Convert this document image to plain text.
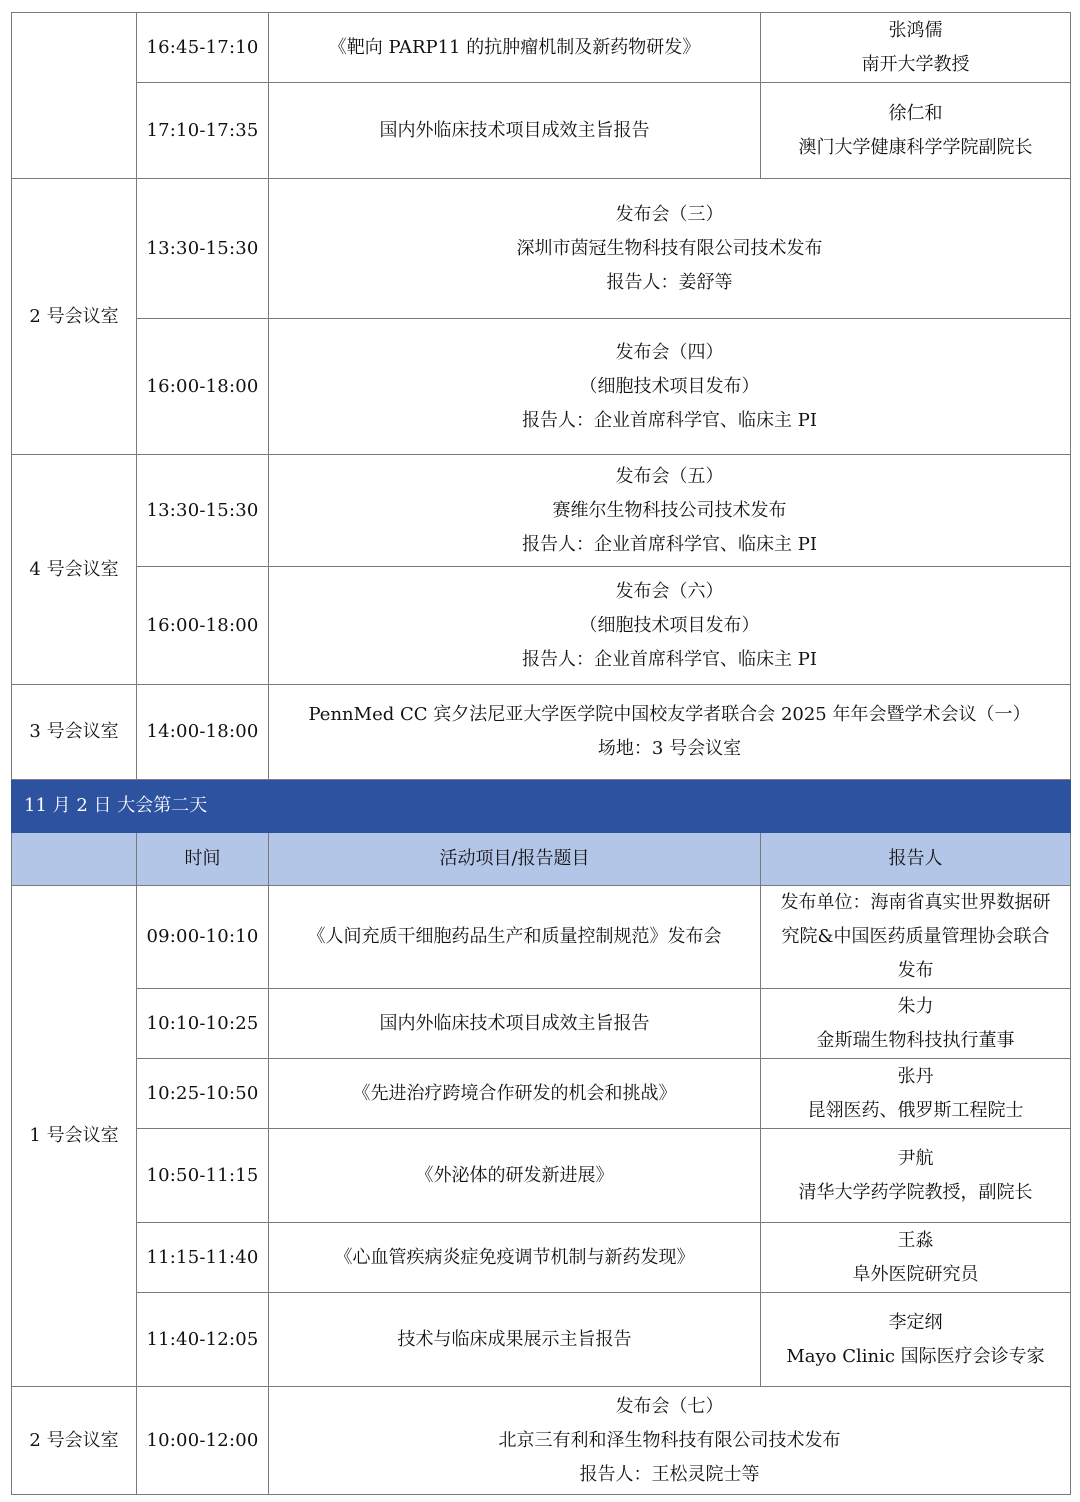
	16:45-17:10	《靶向 PARP11 的抗肿瘤机制及新药物研发》	张鸿儒
南开大学教授

	17:10-17:35	国内外临床技术项目成效主旨报告	徐仁和
澳门大学健康科学学院副院长

2 号会议室	13:30-15:30	发布会（三）
深圳市茵冠生物科技有限公司技术发布
报告人：姜舒等	

	16:00-18:00	发布会（四）
（细胞技术项目发布）
报告人：企业首席科学官、临床主 PI	

4 号会议室	13:30-15:30	发布会（五）
赛维尔生物科技公司技术发布
报告人：企业首席科学官、临床主 PI	

	16:00-18:00	发布会（六）
（细胞技术项目发布）
报告人：企业首席科学官、临床主 PI	

3 号会议室	14:00-18:00	PennMed CC 宾夕法尼亚大学医学院中国校友学者联合会 2025 年年会暨学术会议（一）
场地：3 号会议室	

11 月 2 日 大会第二天			
	时间	活动项目/报告题目	报告人
1 号会议室	09:00-10:10	《人间充质干细胞药品生产和质量控制规范》发布会	发布单位：海南省真实世界数据研
究院&中国医药质量管理协会联合
发布

	10:10-10:25	国内外临床技术项目成效主旨报告	朱力
金斯瑞生物科技执行董事

	10:25-10:50	《先进治疗跨境合作研发的机会和挑战》	张丹
昆翎医药、俄罗斯工程院士

	10:50-11:15	《外泌体的研发新进展》	尹航
清华大学药学院教授，副院长

	11:15-11:40	《心血管疾病炎症免疫调节机制与新药发现》	王淼
阜外医院研究员

	11:40-12:05	技术与临床成果展示主旨报告	李定纲
Mayo Clinic 国际医疗会诊专家

2 号会议室	10:00-12:00	发布会（七）
北京三有利和泽生物科技有限公司技术发布
报告人：王松灵院士等	
